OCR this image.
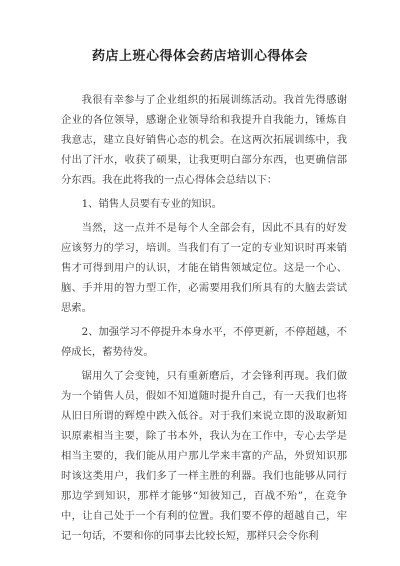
药店上班心得体会药店培训心得体会

我很有幸参与了企业组织的拓展训练活动。我首先得感谢企业的各位领导，感谢企业领导给和我提升自我能力，锤炼自我意志，建立良好销售心态的机会。在这两次拓展训练中，我付出了汗水，收获了硕果，让我更明白部分东西，也更确信部分东西。我在此将我的一点心得体会总结以下：

1、销售人员要有专业的知识。

当然，这一点并不是每个人全部会有，因此不具有的好发应该努力的学习，培训。当我们有了一定的专业知识时再来销售才可得到用户的认识，才能在销售领域定位。这是一个心、脑、手并用的智力型工作，必需要用我们所具有的大脑去尝试思索。

2、加强学习不停提升本身水平，不停更新，不停超越，不停成长，蓄势待发。

锯用久了会变钝，只有重新磨后，才会锋利再现。我们做为一个销售人员，假如不知道随时提升自己，有一天我们也将从旧日所谓的辉煌中跌入低谷。对于我们来说立即的汲取新知识原素相当主要，除了书本外，我认为在工作中，专心去学是相当主要的，我们能从用户那儿学来丰富的产品，外贸知识那时该这类用户，我们多了一样主胜的利器。我们也能够从同行那边学到知识，那样才能够“知彼知己，百战不殆”，在竞争中，让自己处于一个有利的位置。我们要不停的超越自己，牢记一句话，不要和你的同事去比较长短，那样只会令你利
